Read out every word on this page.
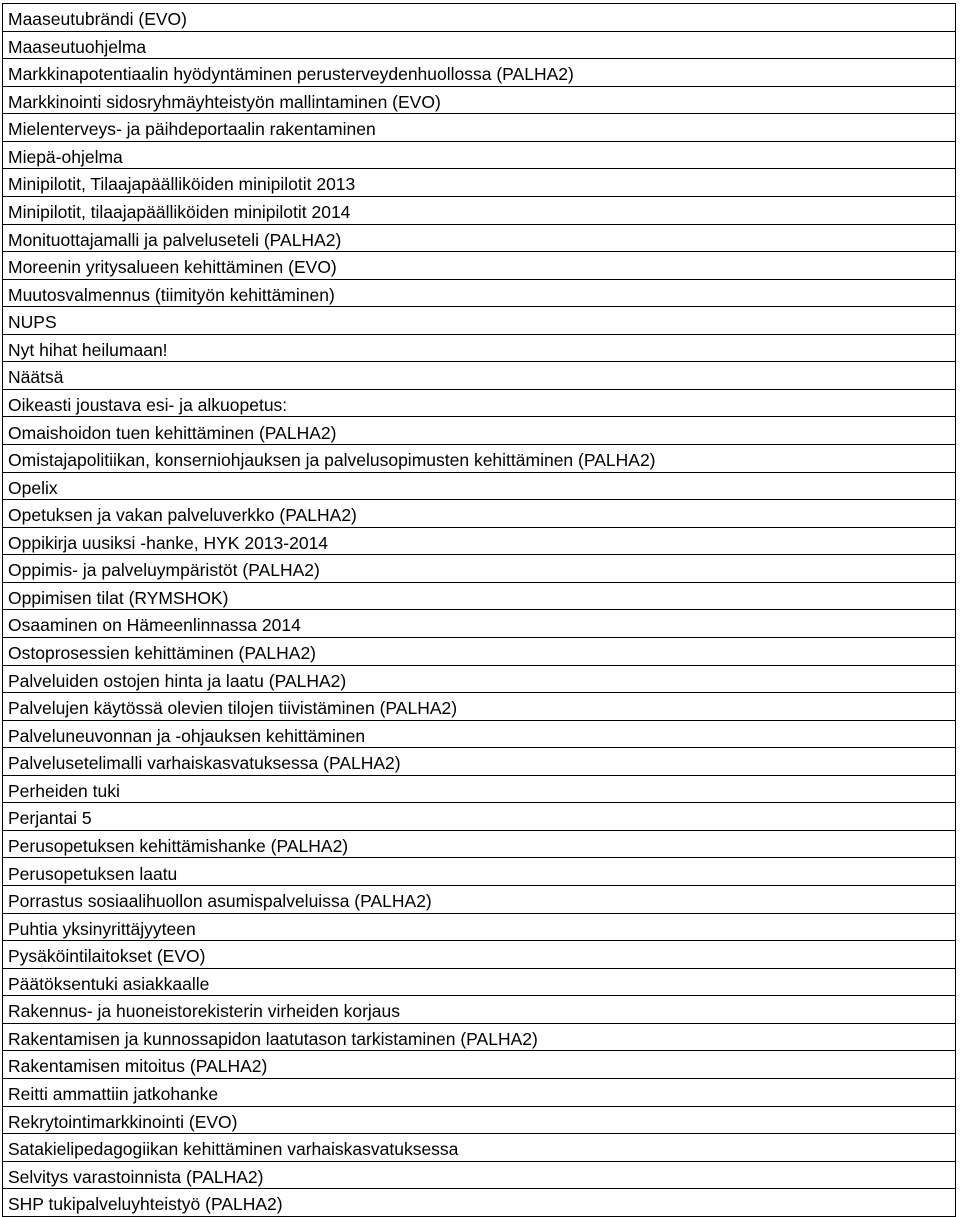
Maaseutubrändi (EVO)
Maaseutuohjelma
Markkinapotentiaalin hyödyntäminen perusterveydenhuollossa (PALHA2)
Markkinointi sidosryhmäyhteistyön mallintaminen (EVO)
Mielenterveys- ja päihdeportaalin rakentaminen
Miepä-ohjelma
Minipilotit, Tilaajapäälliköiden minipilotit 2013
Minipilotit, tilaajapäälliköiden minipilotit 2014
Monituottajamalli ja palveluseteli (PALHA2)
Moreenin yritysalueen kehittäminen (EVO)
Muutosvalmennus (tiimityön kehittäminen)
NUPS
Nyt hihat heilumaan!
Näätsä
Oikeasti joustava esi- ja alkuopetus:
Omaishoidon tuen kehittäminen (PALHA2)
Omistajapolitiikan, konserniohjauksen ja palvelusopimusten kehittäminen (PALHA2)
Opelix
Opetuksen ja vakan palveluverkko (PALHA2)
Oppikirja uusiksi -hanke, HYK 2013-2014
Oppimis- ja palveluympäristöt (PALHA2)
Oppimisen tilat (RYMSHOK)
Osaaminen on Hämeenlinnassa 2014
Ostoprosessien kehittäminen (PALHA2)
Palveluiden ostojen hinta ja laatu (PALHA2)
Palvelujen käytössä olevien tilojen tiivistäminen (PALHA2)
Palveluneuvonnan ja -ohjauksen kehittäminen
Palvelusetelimalli varhaiskasvatuksessa (PALHA2)
Perheiden tuki
Perjantai 5
Perusopetuksen kehittämishanke (PALHA2)
Perusopetuksen laatu
Porrastus sosiaalihuollon asumispalveluissa (PALHA2)
Puhtia yksinyrittäjyyteen
Pysäköintilaitokset (EVO)
Päätöksentuki asiakkaalle
Rakennus- ja huoneistorekisterin virheiden korjaus
Rakentamisen ja kunnossapidon laatutason tarkistaminen (PALHA2)
Rakentamisen mitoitus (PALHA2)
Reitti ammattiin jatkohanke
Rekrytointimarkkinointi (EVO)
Satakielipedagogiikan kehittäminen varhaiskasvatuksessa
Selvitys varastoinnista (PALHA2)
SHP tukipalveluyhteistyö (PALHA2)
